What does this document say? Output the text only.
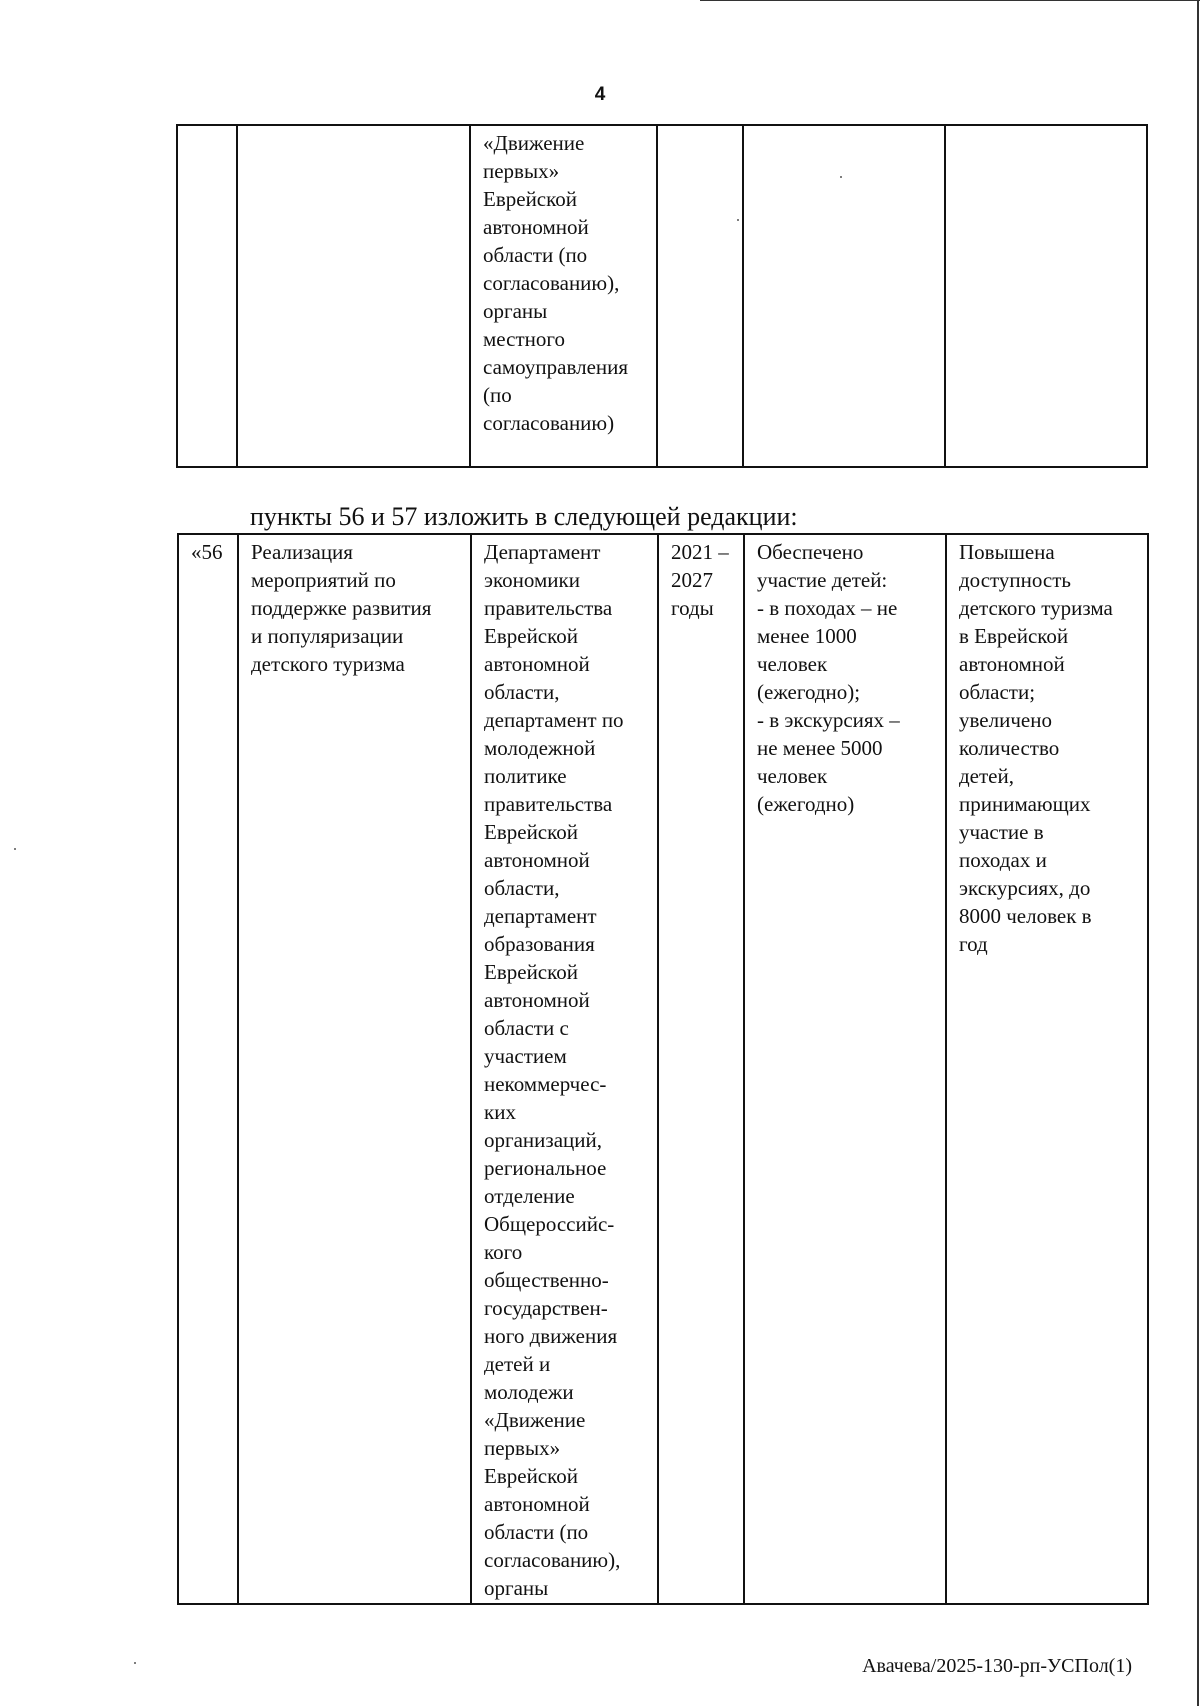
4
		«Движение
первых»
Еврейской
автономной
области (по
согласованию),
органы
местного
самоуправления
(по
согласованию)			
пункты 56 и 57 изложить в следующей редакции:
«56	Реализация
мероприятий по
поддержке развития
и популяризации
детского туризма	Департамент
экономики
правительства
Еврейской
автономной
области,
департамент по
молодежной
политике
правительства
Еврейской
автономной
области,
департамент
образования
Еврейской
автономной
области с
участием
некоммерчес-
ких
организаций,
региональное
отделение
Общероссийс-
кого
общественно-
государствен-
ного движения
детей и
молодежи
«Движение
первых»
Еврейской
автономной
области (по
согласованию),
органы	2021 –
2027
годы	Обеспечено
участие детей:
- в походах – не
менее 1000
человек
(ежегодно);
- в экскурсиях –
не менее 5000
человек
(ежегодно)	Повышена
доступность
детского туризма
в Еврейской
автономной
области;
увеличено
количество
детей,
принимающих
участие в
походах и
экскурсиях, до
8000 человек в
год
Авачева/2025-130-рп-УСПол(1)
